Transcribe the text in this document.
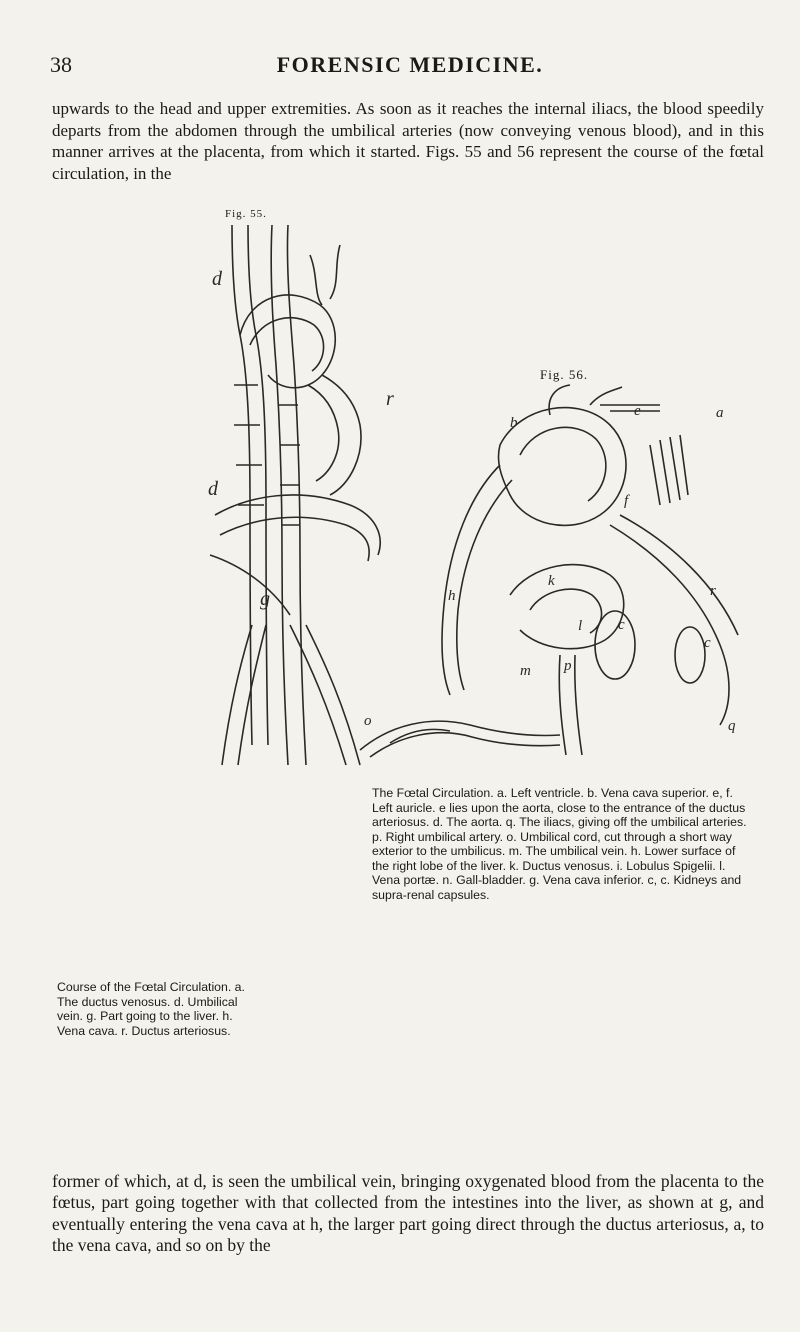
38	FORENSIC MEDICINE.

upwards to the head and upper extremities. As soon as it reaches the internal iliacs, the blood speedily departs from the abdomen through the umbilical arteries (now conveying venous blood), and in this manner arrives at the placenta, from which it started. Figs. 55 and 56 represent the course of the fœtal circulation, in the

Fig. 55.
d
d
r
g
Fig. 56.
a
b
e
f
h
k
l c
c
m
q
p
o
r

Course of the Fœtal Circulation. a. The ductus venosus. d. Umbilical vein. g. Part going to the liver. h. Vena cava. r. Ductus arteriosus.

The Fœtal Circulation. a. Left ventricle. b. Vena cava superior. e, f. Left auricle. e lies upon the aorta, close to the entrance of the ductus arteriosus. d. The aorta. q. The iliacs, giving off the umbilical arteries. p. Right umbilical artery. o. Umbilical cord, cut through a short way exterior to the umbilicus. m. The umbilical vein. h. Lower surface of the right lobe of the liver. k. Ductus venosus. i. Lobulus Spigelii. l. Vena portæ. n. Gall-bladder. g. Vena cava inferior. c, c. Kidneys and supra-renal capsules.

former of which, at d, is seen the umbilical vein, bringing oxygenated blood from the placenta to the fœtus, part going together with that collected from the intestines into the liver, as shown at g, and eventually entering the vena cava at h, the larger part going direct through the ductus arteriosus, a, to the vena cava, and so on by the
